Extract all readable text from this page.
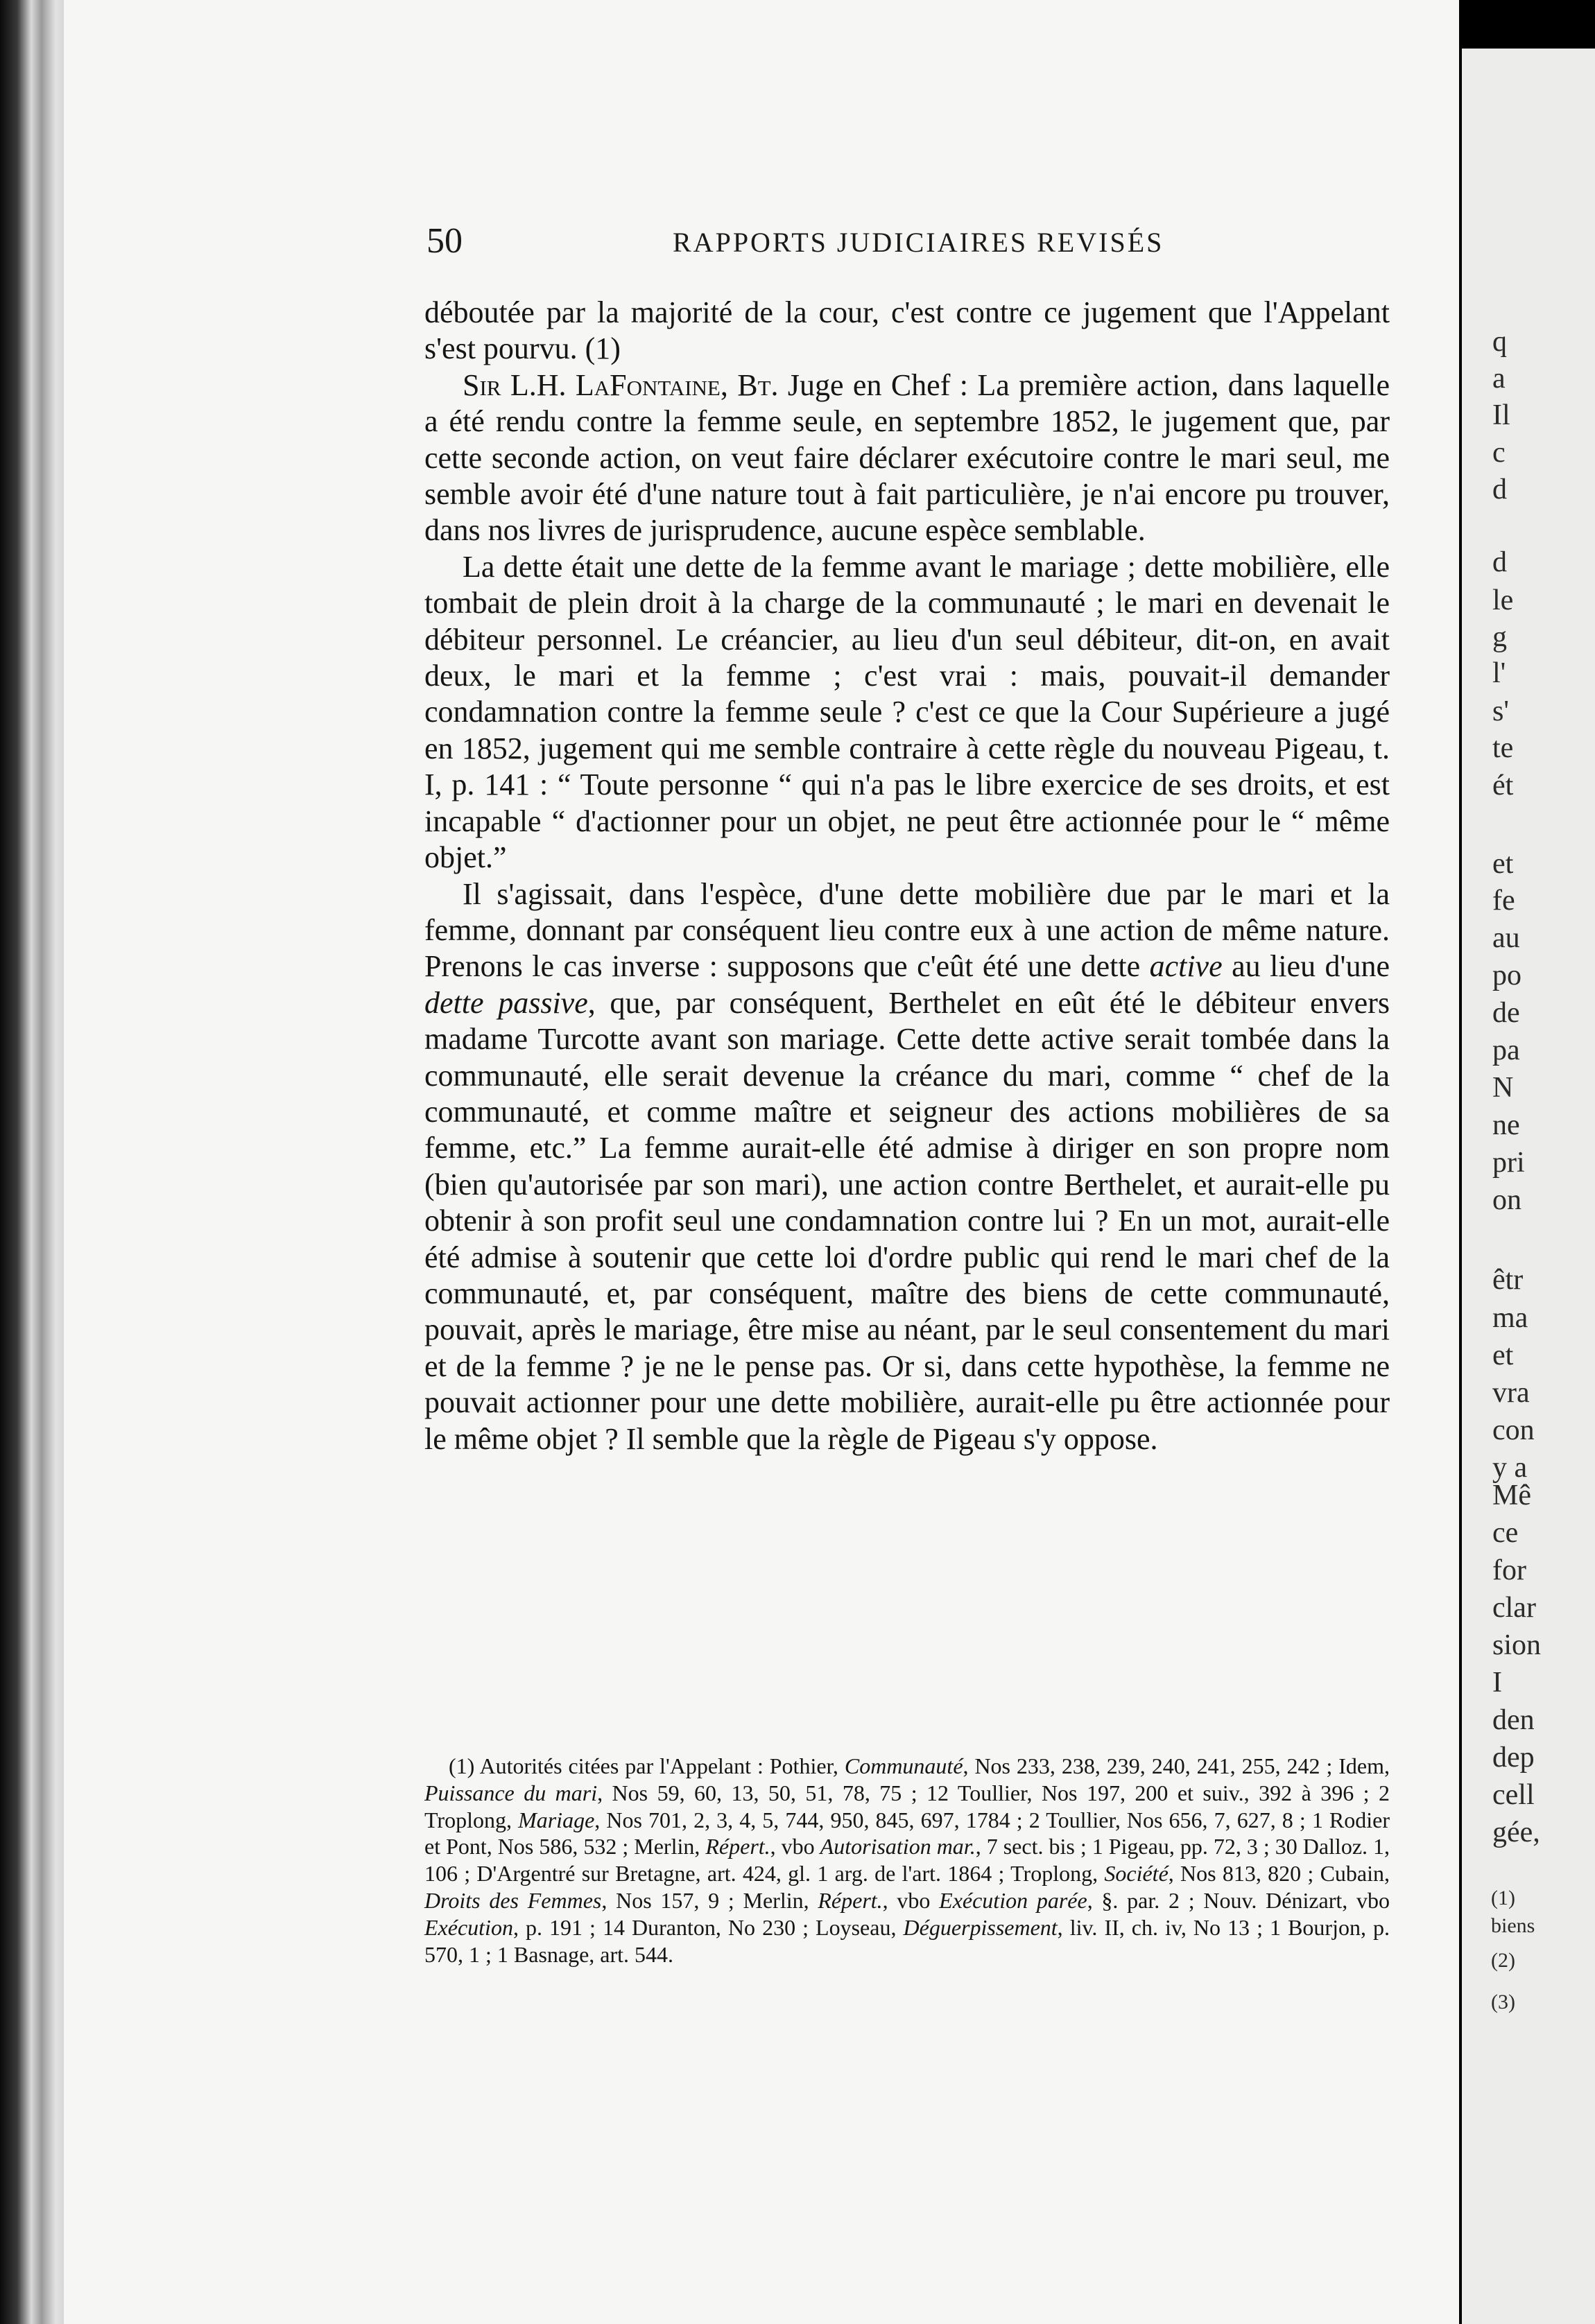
q
a
Il
c
d
d
le
g
l'
s'
te
ét
et
fe
au
po
de
pa
N
ne
pri
on
êtr
ma
et
vra
con
y a
Mê
ce
for
clar
sion
I
den
dep
cell
gée,
(1)
biens
(2)
(3)
50	RAPPORTS JUDICIAIRES REVISÉS

déboutée par la majorité de la cour, c'est contre ce jugement que l'Appelant s'est pourvu. (1)

Sir L.H. LaFontaine, Bt. Juge en Chef : La première action, dans laquelle a été rendu contre la femme seule, en septembre 1852, le jugement que, par cette seconde action, on veut faire déclarer exécutoire contre le mari seul, me semble avoir été d'une nature tout à fait particulière, je n'ai encore pu trouver, dans nos livres de jurisprudence, aucune espèce semblable.

La dette était une dette de la femme avant le mariage ; dette mobilière, elle tombait de plein droit à la charge de la communauté ; le mari en devenait le débiteur personnel. Le créancier, au lieu d'un seul débiteur, dit-on, en avait deux, le mari et la femme ; c'est vrai : mais, pouvait-il demander condamnation contre la femme seule ? c'est ce que la Cour Supérieure a jugé en 1852, jugement qui me semble contraire à cette règle du nouveau Pigeau, t. I, p. 141 : “ Toute personne “ qui n'a pas le libre exercice de ses droits, et est incapable “ d'actionner pour un objet, ne peut être actionnée pour le “ même objet.”

Il s'agissait, dans l'espèce, d'une dette mobilière due par le mari et la femme, donnant par conséquent lieu contre eux à une action de même nature. Prenons le cas inverse : supposons que c'eût été une dette active au lieu d'une dette passive, que, par conséquent, Berthelet en eût été le débiteur envers madame Turcotte avant son mariage. Cette dette active serait tombée dans la communauté, elle serait devenue la créance du mari, comme “ chef de la communauté, et comme maître et seigneur des actions mobilières de sa femme, etc.” La femme aurait-elle été admise à diriger en son propre nom (bien qu'autorisée par son mari), une action contre Berthelet, et aurait-elle pu obtenir à son profit seul une condamnation contre lui ? En un mot, aurait-elle été admise à soutenir que cette loi d'ordre public qui rend le mari chef de la communauté, et, par conséquent, maître des biens de cette communauté, pouvait, après le mariage, être mise au néant, par le seul consentement du mari et de la femme ? je ne le pense pas. Or si, dans cette hypothèse, la femme ne pouvait actionner pour une dette mobilière, aurait-elle pu être actionnée pour le même objet ? Il semble que la règle de Pigeau s'y oppose.

(1) Autorités citées par l'Appelant : Pothier, Communauté, Nos 233, 238, 239, 240, 241, 255, 242 ; Idem, Puissance du mari, Nos 59, 60, 13, 50, 51, 78, 75 ; 12 Toullier, Nos 197, 200 et suiv., 392 à 396 ; 2 Troplong, Mariage, Nos 701, 2, 3, 4, 5, 744, 950, 845, 697, 1784 ; 2 Toullier, Nos 656, 7, 627, 8 ; 1 Rodier et Pont, Nos 586, 532 ; Merlin, Répert., vbo Autorisation mar., 7 sect. bis ; 1 Pigeau, pp. 72, 3 ; 30 Dalloz. 1, 106 ; D'Argentré sur Bretagne, art. 424, gl. 1 arg. de l'art. 1864 ; Troplong, Société, Nos 813, 820 ; Cubain, Droits des Femmes, Nos 157, 9 ; Merlin, Répert., vbo Exécution parée, §. par. 2 ; Nouv. Dénizart, vbo Exécution, p. 191 ; 14 Duranton, No 230 ; Loyseau, Déguerpissement, liv. II, ch. iv, No 13 ; 1 Bourjon, p. 570, 1 ; 1 Basnage, art. 544.
